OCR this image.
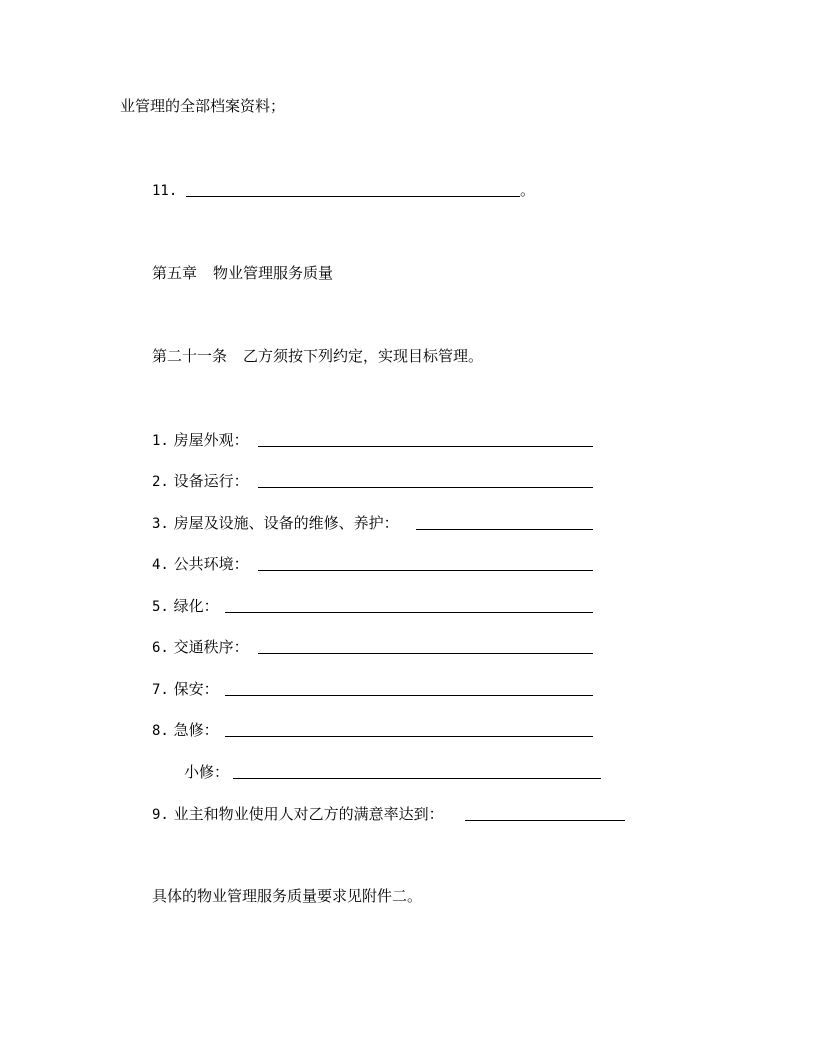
业管理的全部档案资料；
11.	。
第五章 物业管理服务质量
第二十一条 乙方须按下列约定，实现目标管理。
1. 房屋外观：
2. 设备运行：
3. 房屋及设施、设备的维修、养护：
4. 公共环境：
5. 绿化：
6. 交通秩序：
7. 保安：
8. 急修：
小修：
9. 业主和物业使用人对乙方的满意率达到：
具体的物业管理服务质量要求见附件二。
